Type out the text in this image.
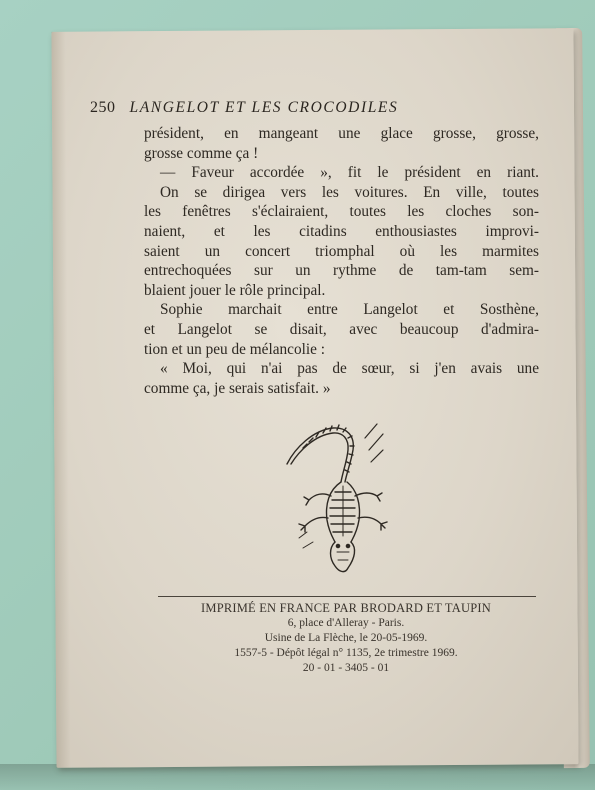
250 LANGELOT ET LES CROCODILES
président, en mangeant une glace grosse, grosse,
grosse comme ça !
— Faveur accordée », fit le président en riant.
On se dirigea vers les voitures. En ville, toutes
les fenêtres s'éclairaient, toutes les cloches son-
naient, et les citadins enthousiastes improvi-
saient un concert triomphal où les marmites
entrechoquées sur un rythme de tam-tam sem-
blaient jouer le rôle principal.
Sophie marchait entre Langelot et Sosthène,
et Langelot se disait, avec beaucoup d'admira-
tion et un peu de mélancolie :
« Moi, qui n'ai pas de sœur, si j'en avais une
comme ça, je serais satisfait. »
IMPRIMÉ EN FRANCE PAR BRODARD ET TAUPIN
6, place d'Alleray - Paris.
Usine de La Flèche, le 20-05-1969.
1557-5 - Dépôt légal n° 1135, 2e trimestre 1969.
20 - 01 - 3405 - 01
